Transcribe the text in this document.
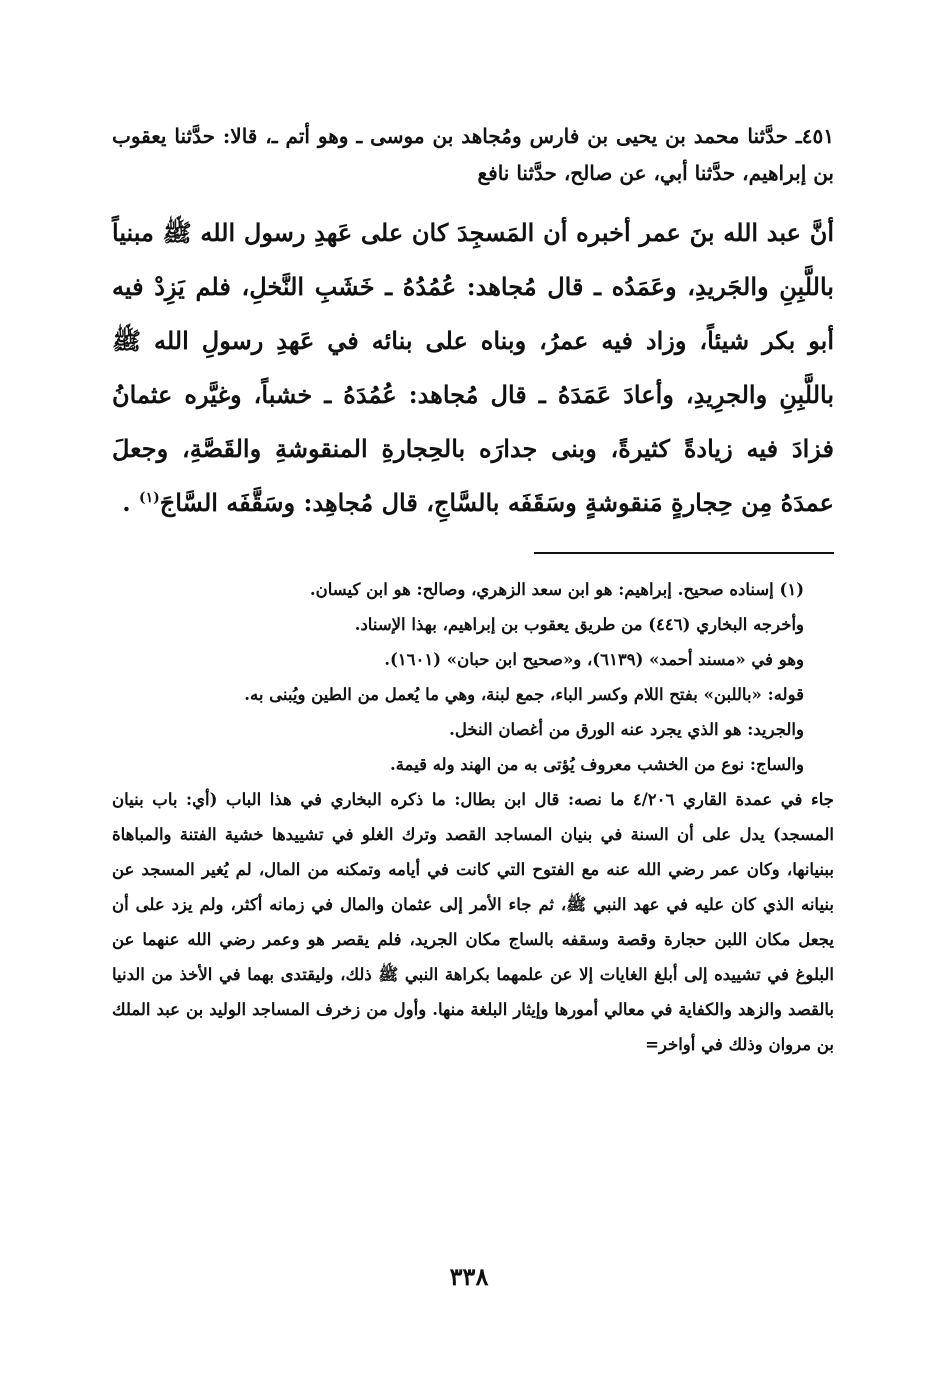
٤٥١ـ حدَّثنا محمد بن يحيى بن فارس ومُجاهد بن موسى ـ وهو أتم ـ، قالا: حدَّثنا يعقوب بن إبراهيم، حدَّثنا أبي، عن صالح، حدَّثنا نافع

أنَّ عبد الله بنَ عمر أخبره أن المَسجِدَ كان على عَهدِ رسول الله ﷺ مبنياً باللَّبِنِ والجَريدِ، وعَمَدُه ـ قال مُجاهد: عُمُدُهُ ـ خَشَبِ النَّخلِ، فلم يَزِدْ فيه أبو بكر شيئاً، وزاد فيه عمرُ، وبناه على بنائه في عَهدِ رسولِ الله ﷺ باللَّبِنِ والجرِيدِ، وأعادَ عَمَدَهُ ـ قال مُجاهد: عُمُدَهُ ـ خشباً، وغيَّره عثمانُ فزادَ فيه زيادةً كثيرةً، وبنى جدارَه بالحِجارةِ المنقوشةِ والقَصَّةِ، وجعلَ عمدَهُ مِن حِجارةٍ مَنقوشةٍ وسَقَفَه بالسَّاجِ، قال مُجاهِد: وسَقَّفَه السَّاجَ$^{(١)}$ .

(١) إسناده صحيح. إبراهيم: هو ابن سعد الزهري، وصالح: هو ابن كيسان.

وأخرجه البخاري (٤٤٦) من طريق يعقوب بن إبراهيم، بهذا الإسناد.

وهو في «مسند أحمد» (٦١٣٩)، و«صحيح ابن حبان» (١٦٠١).

قوله: «باللبن» بفتح اللام وكسر الباء، جمع لبنة، وهي ما يُعمل من الطين ويُبنى به.

والجريد: هو الذي يجرد عنه الورق من أغصان النخل.

والساج: نوع من الخشب معروف يُؤتى به من الهند وله قيمة.

جاء في عمدة القاري ٤/٢٠٦ ما نصه: قال ابن بطال: ما ذكره البخاري في هذا الباب (أي: باب بنيان المسجد) يدل على أن السنة في بنيان المساجد القصد وترك الغلو في تشييدها خشية الفتنة والمباهاة ببنيانها، وكان عمر رضي الله عنه مع الفتوح التي كانت في أيامه وتمكنه من المال، لم يُغير المسجد عن بنيانه الذي كان عليه في عهد النبي ﷺ، ثم جاء الأمر إلى عثمان والمال في زمانه أكثر، ولم يزد على أن يجعل مكان اللبن حجارة وقصة وسقفه بالساج مكان الجريد، فلم يقصر هو وعمر رضي الله عنهما عن البلوغ في تشييده إلى أبلغ الغايات إلا عن علمهما بكراهة النبي ﷺ ذلك، وليقتدى بهما في الأخذ من الدنيا بالقصد والزهد والكفاية في معالي أمورها وإيثار البلغة منها. وأول من زخرف المساجد الوليد بن عبد الملك بن مروان وذلك في أواخر=

٣٣٨
